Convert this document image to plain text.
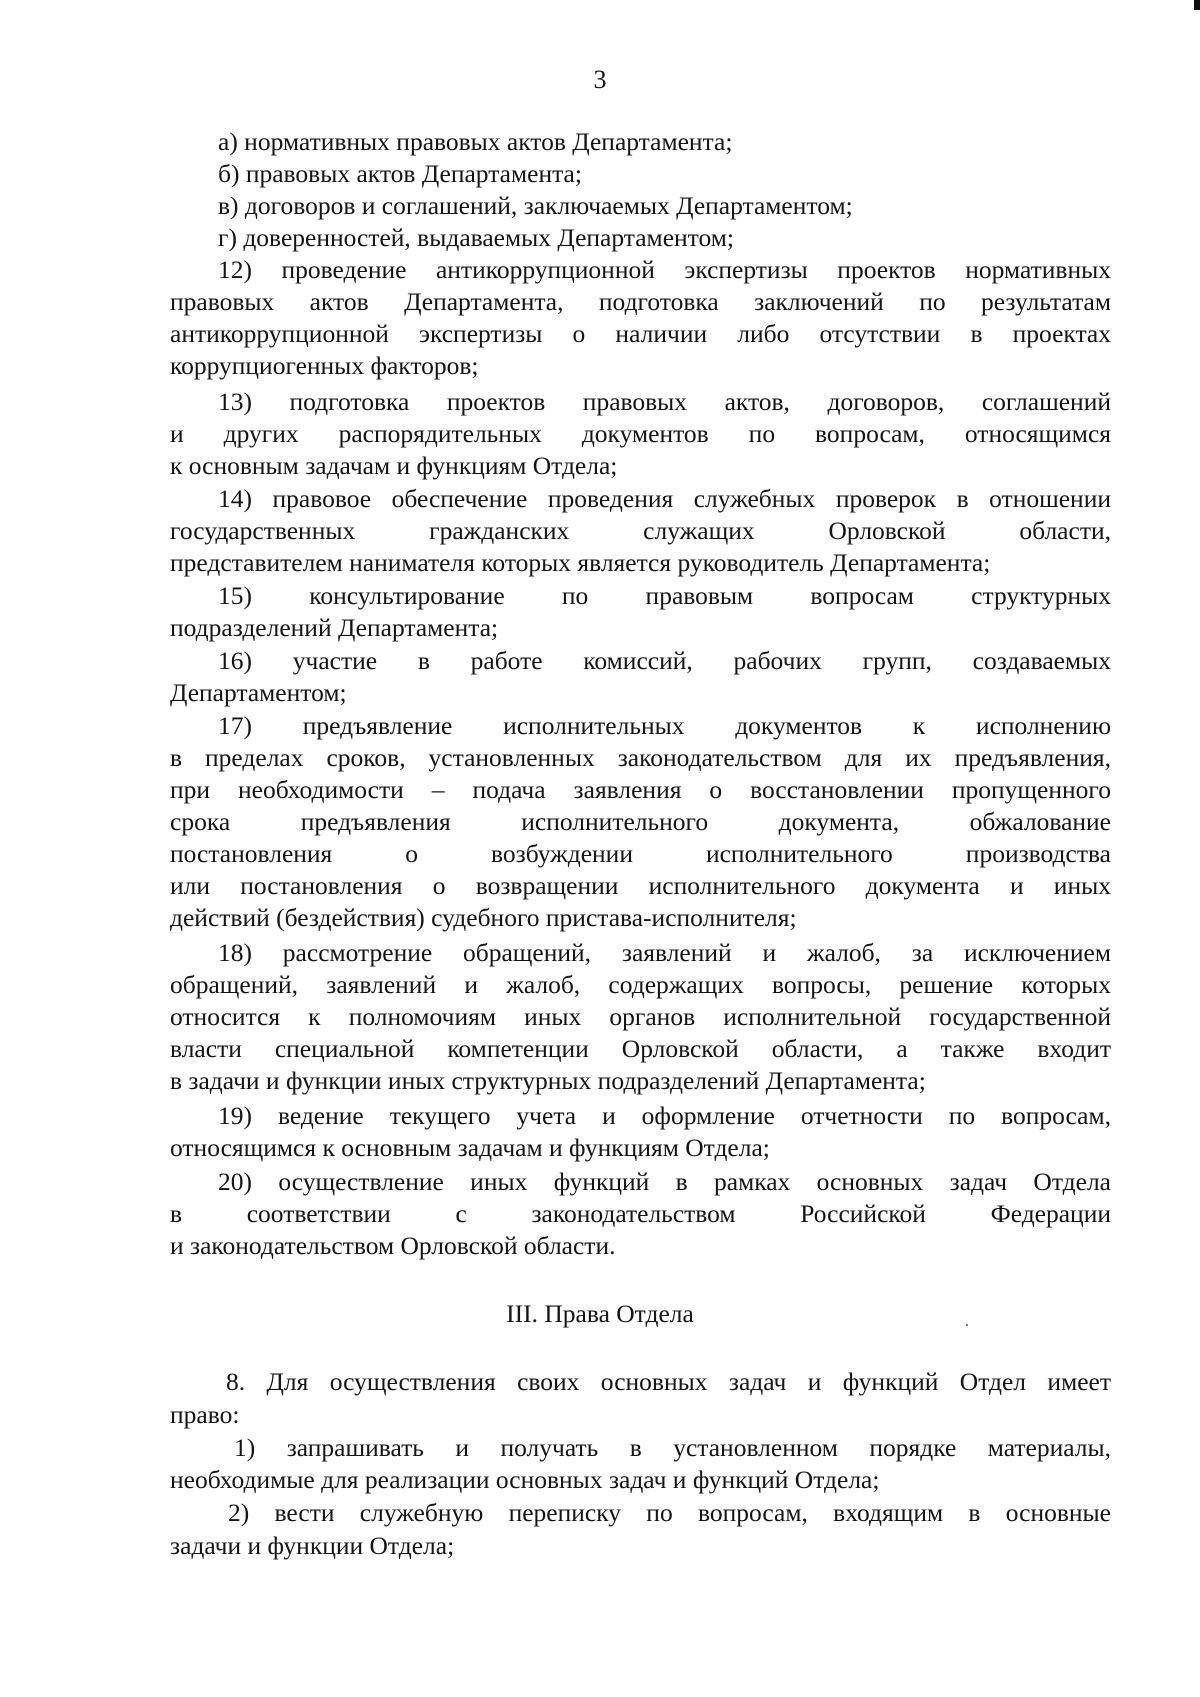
3
а) нормативных правовых актов Департамента;
б) правовых актов Департамента;
в) договоров и соглашений, заключаемых Департаментом;
г) доверенностей, выдаваемых Департаментом;
12) проведение антикоррупционной экспертизы проектов нормативных
правовых актов Департамента, подготовка заключений по результатам
антикоррупционной экспертизы о наличии либо отсутствии в проектах
коррупциогенных факторов;
13) подготовка проектов правовых актов, договоров, соглашений
и других распорядительных документов по вопросам, относящимся
к основным задачам и функциям Отдела;
14) правовое обеспечение проведения служебных проверок в отношении
государственных гражданских служащих Орловской области,
представителем нанимателя которых является руководитель Департамента;
15) консультирование по правовым вопросам структурных
подразделений Департамента;
16) участие в работе комиссий, рабочих групп, создаваемых
Департаментом;
17) предъявление исполнительных документов к исполнению
в пределах сроков, установленных законодательством для их предъявления,
при необходимости – подача заявления о восстановлении пропущенного
срока предъявления исполнительного документа, обжалование
постановления о возбуждении исполнительного производства
или постановления о возвращении исполнительного документа и иных
действий (бездействия) судебного пристава-исполнителя;
18) рассмотрение обращений, заявлений и жалоб, за исключением
обращений, заявлений и жалоб, содержащих вопросы, решение которых
относится к полномочиям иных органов исполнительной государственной
власти специальной компетенции Орловской области, а также входит
в задачи и функции иных структурных подразделений Департамента;
19) ведение текущего учета и оформление отчетности по вопросам,
относящимся к основным задачам и функциям Отдела;
20) осуществление иных функций в рамках основных задач Отдела
в соответствии с законодательством Российской Федерации
и законодательством Орловской области.
III. Права Отдела
8. Для осуществления своих основных задач и функций Отдел имеет
право:
1) запрашивать и получать в установленном порядке материалы,
необходимые для реализации основных задач и функций Отдела;
2) вести служебную переписку по вопросам, входящим в основные
задачи и функции Отдела;
